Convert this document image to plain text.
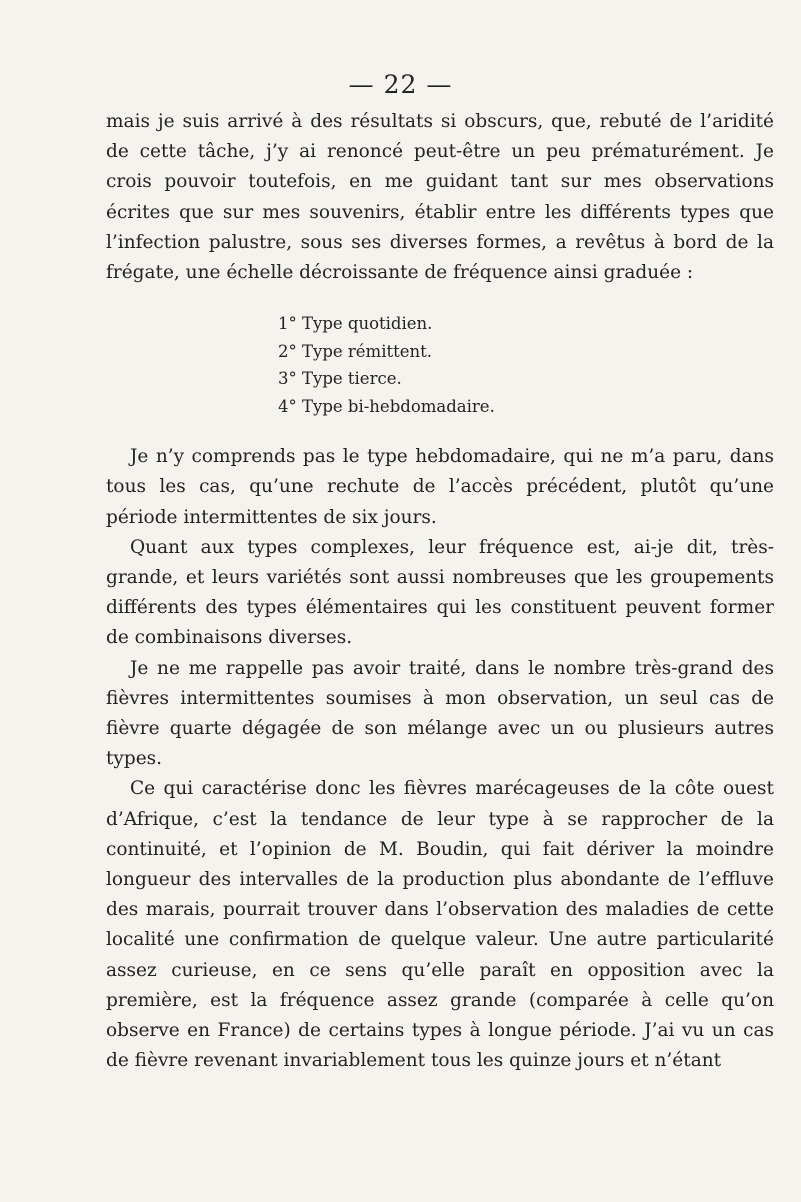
— 22 —

mais je suis arrivé à des résultats si obscurs, que, rebuté de l’aridité de cette tâche, j’y ai renoncé peut-être un peu prématurément. Je crois pouvoir toutefois, en me guidant tant sur mes observations écrites que sur mes souvenirs, établir entre les différents types que l’infection palustre, sous ses diverses formes, a revêtus à bord de la frégate, une échelle décroissante de fréquence ainsi graduée :

1° Type quotidien.
2° Type rémittent.
3° Type tierce.
4° Type bi-hebdomadaire.

Je n’y comprends pas le type hebdomadaire, qui ne m’a paru, dans tous les cas, qu’une rechute de l’accès précédent, plutôt qu’une période intermittentes de six jours.

Quant aux types complexes, leur fréquence est, ai-je dit, très-grande, et leurs variétés sont aussi nombreuses que les groupements différents des types élémentaires qui les constituent peuvent former de combinaisons diverses.

Je ne me rappelle pas avoir traité, dans le nombre très-grand des fièvres intermittentes soumises à mon observation, un seul cas de fièvre quarte dégagée de son mélange avec un ou plusieurs autres types.

Ce qui caractérise donc les fièvres marécageuses de la côte ouest d’Afrique, c’est la tendance de leur type à se rapprocher de la continuité, et l’opinion de M. Boudin, qui fait dériver la moindre longueur des intervalles de la production plus abondante de l’effluve des marais, pourrait trouver dans l’observation des maladies de cette localité une confirmation de quelque valeur. Une autre particularité assez curieuse, en ce sens qu’elle paraît en opposition avec la première, est la fréquence assez grande (comparée à celle qu’on observe en France) de certains types à longue période. J’ai vu un cas de fièvre revenant invariablement tous les quinze jours et n’étant
